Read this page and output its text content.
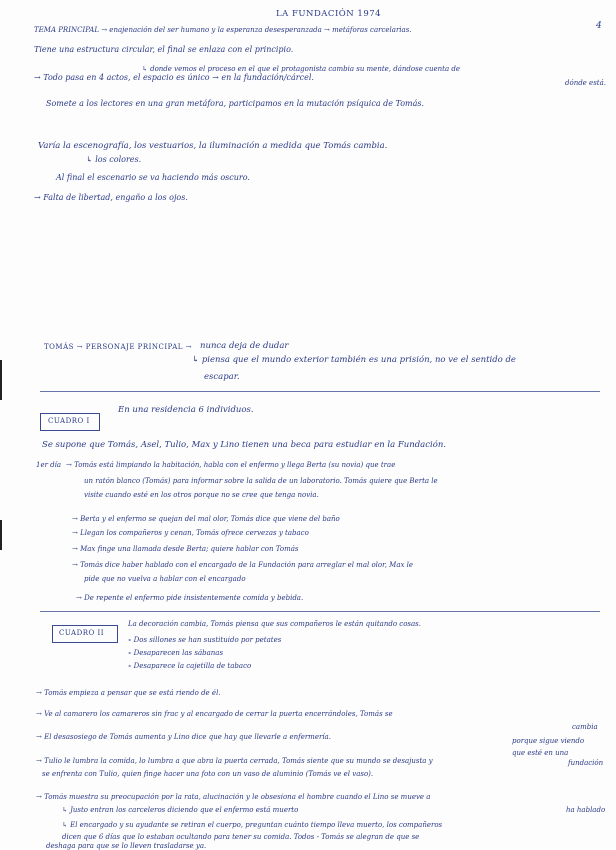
LA FUNDACIÓN 1974
4
TEMA PRINCIPAL → enajenación del ser humano y la esperanza desesperanzada → metáforas carcelarias.
Tiene una estructura circular, el final se enlaza con el principio.
↳ donde vemos el proceso en el que el protagonista cambia su mente, dándose cuenta de
dónde está.
→ Todo pasa en 4 actos, el espacio es único → en la fundación/cárcel.
Somete a los lectores en una gran metáfora, participamos en la mutación psíquica de Tomás.
Varía la escenografía, los vestuarios, la iluminación a medida que Tomás cambia.
↳ los colores.
Al final el escenario se va haciendo más oscuro.
→ Falta de libertad, engaño a los ojos.
TOMÁS → PERSONAJE PRINCIPAL → nunca deja de dudar
↳ piensa que el mundo exterior también es una prisión, no ve el sentido de
escapar.
CUADRO I
En una residencia 6 individuos.
Se supone que Tomás, Asel, Tulio, Max y Lino tienen una beca para estudiar en la Fundación.
1er día → Tomás está limpiando la habitación, habla con el enfermo y llega Berta (su novia) que trae
un ratón blanco (Tomás) para informar sobre la salida de un laboratorio. Tomás quiere que Berta le
visite cuando esté en los otros porque no se cree que tenga novia.
→ Berta y el enfermo se quejan del mal olor, Tomás dice que viene del baño
→ Llegan los compañeros y cenan, Tomás ofrece cervezas y tabaco
→ Max finge una llamada desde Berta; quiere hablar con Tomás
→ Tomás dice haber hablado con el encargado de la Fundación para arreglar el mal olor, Max le
pide que no vuelva a hablar con el encargado
→ De repente el enfermo pide insistentemente comida y bebida.
CUADRO II
La decoración cambia, Tomás piensa que sus compañeros le están quitando cosas.
∘ Dos sillones se han sustituido por petates
∘ Desaparecen las sábanas
∘ Desaparece la cajetilla de tabaco
→ Tomás empieza a pensar que se está riendo de él.
→ Ve al camarero los camareros sin frac y al encargado de cerrar la puerta encerrándoles, Tomás se
→ El desasosiego de Tomás aumenta y Lino dice que hay que llevarle a enfermería.
→ Tulio le lumbra la comida, lo lumbra a que abra la puerta cerrada, Tomás siente que su mundo se desajusta y
se enfrenta con Tulio, quien finge hacer una foto con un vaso de aluminio (Tomás ve el vaso).
→ Tomás muestra su preocupación por la rata, alucinación y le obsesiona el hombre cuando el Lino se mueve a
↳ Justo entran los carceleros diciendo que el enfermo está muerto
↳ El encargado y su ayudante se retiran el cuerpo, preguntan cuánto tiempo lleva muerto, los compañeros
dicen que 6 días que lo estaban ocultando para tener su comida. Todos - Tomás se alegran de que se
deshaga para que se lo lleven trasladarse ya.
cambia
porque sigue viendo
que esté en una
fundación
ha hablado
